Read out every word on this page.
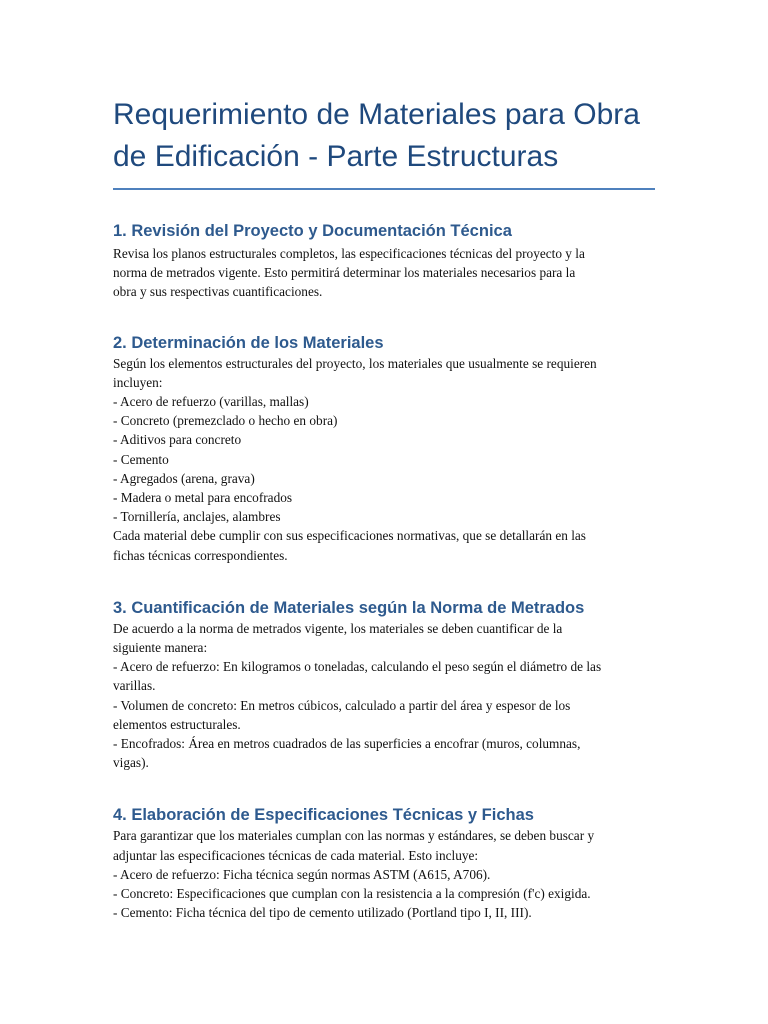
Requerimiento de Materiales para Obra
de Edificación - Parte Estructuras
1. Revisión del Proyecto y Documentación Técnica

Revisa los planos estructurales completos, las especificaciones técnicas del proyecto y la
norma de metrados vigente. Esto permitirá determinar los materiales necesarios para la
obra y sus respectivas cuantificaciones.

2. Determinación de los Materiales

Según los elementos estructurales del proyecto, los materiales que usualmente se requieren
incluyen:
- Acero de refuerzo (varillas, mallas)
- Concreto (premezclado o hecho en obra)
- Aditivos para concreto
- Cemento
- Agregados (arena, grava)
- Madera o metal para encofrados
- Tornillería, anclajes, alambres
Cada material debe cumplir con sus especificaciones normativas, que se detallarán en las
fichas técnicas correspondientes.

3. Cuantificación de Materiales según la Norma de Metrados

De acuerdo a la norma de metrados vigente, los materiales se deben cuantificar de la
siguiente manera:
- Acero de refuerzo: En kilogramos o toneladas, calculando el peso según el diámetro de las
varillas.
- Volumen de concreto: En metros cúbicos, calculado a partir del área y espesor de los
elementos estructurales.
- Encofrados: Área en metros cuadrados de las superficies a encofrar (muros, columnas,
vigas).

4. Elaboración de Especificaciones Técnicas y Fichas

Para garantizar que los materiales cumplan con las normas y estándares, se deben buscar y
adjuntar las especificaciones técnicas de cada material. Esto incluye:
- Acero de refuerzo: Ficha técnica según normas ASTM (A615, A706).
- Concreto: Especificaciones que cumplan con la resistencia a la compresión (f'c) exigida.
- Cemento: Ficha técnica del tipo de cemento utilizado (Portland tipo I, II, III).
